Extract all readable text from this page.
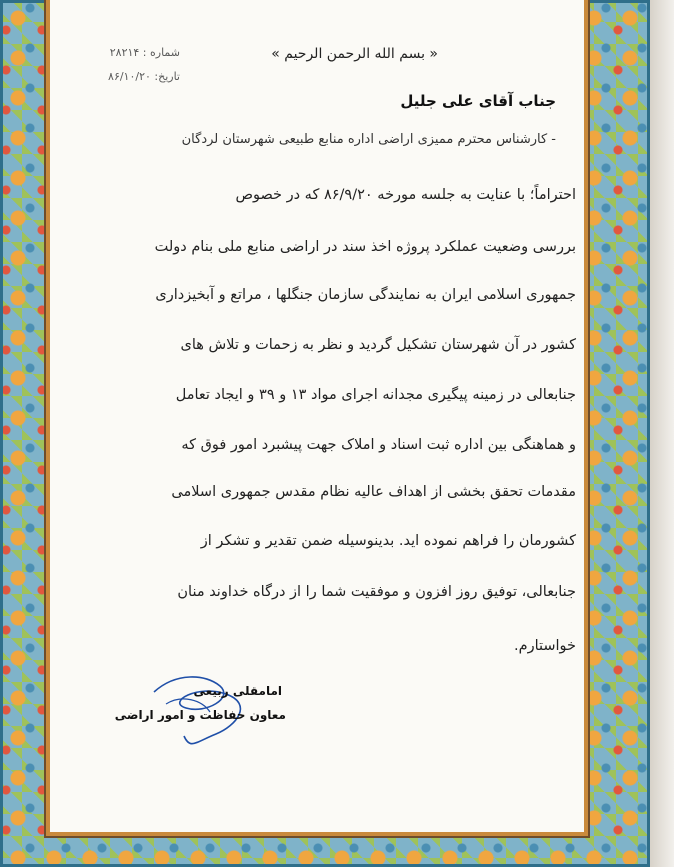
شماره : ۲۸۲۱۴
تاریخ: ۸۶/۱۰/۲۰
« بسم الله الرحمن الرحيم »
جناب آقای علی جلیل
- کارشناس محترم ممیزی اراضی اداره منابع طبیعی شهرستان لردگان
احتراماً؛ با عنایت به جلسه مورخه ۸۶/۹/۲۰ که در خصوص
بررسی وضعیت عملکرد پروژه اخذ سند در اراضی منابع ملی بنام دولت
جمهوری اسلامی ایران به نمایندگی سازمان جنگلها ، مراتع و آبخیزداری
کشور در آن شهرستان تشکیل گردید و نظر به زحمات و تلاش های
جنابعالی در زمینه پیگیری مجدانه اجرای مواد ۱۳ و ۳۹ و ایجاد تعامل
و هماهنگی بین اداره ثبت اسناد و املاک جهت پیشبرد امور فوق که
مقدمات تحقق بخشی از اهداف عالیه نظام مقدس جمهوری اسلامی
کشورمان را فراهم نموده اید. بدینوسیله ضمن تقدیر و تشکر از
جنابعالی، توفیق روز افزون و موفقیت شما را از درگاه خداوند منان
خواستارم.
امامقلی ربیعی
معاون حفاظت و امور اراضی
